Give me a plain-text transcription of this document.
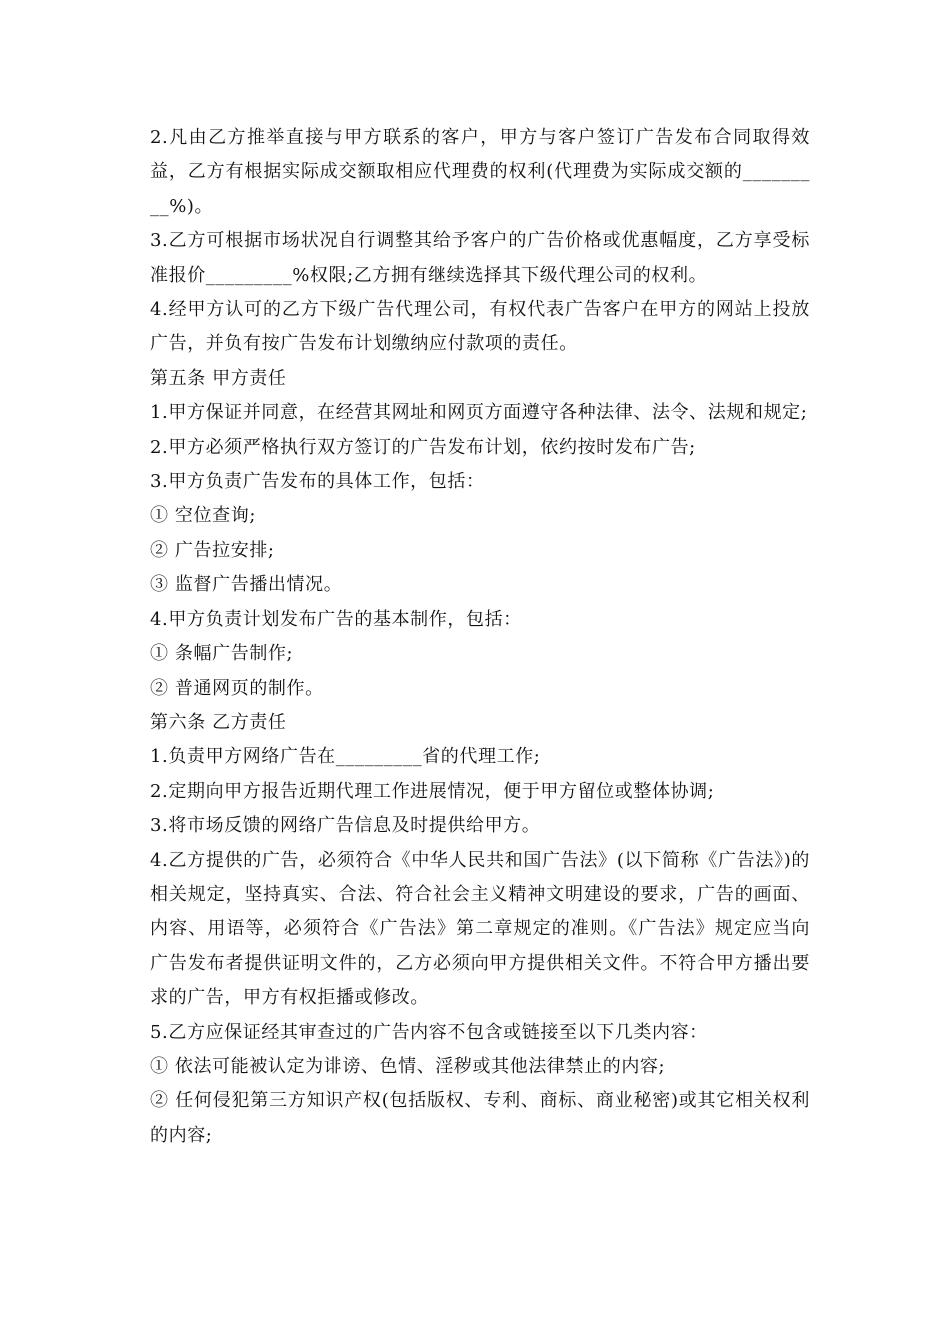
2.凡由乙方推举直接与甲方联系的客户，甲方与客户签订广告发布合同取得效益，乙方有根据实际成交额取相应代理费的权利(代理费为实际成交额的_________%)。

3.乙方可根据市场状况自行调整其给予客户的广告价格或优惠幅度，乙方享受标准报价_________%权限;乙方拥有继续选择其下级代理公司的权利。

4.经甲方认可的乙方下级广告代理公司，有权代表广告客户在甲方的网站上投放广告，并负有按广告发布计划缴纳应付款项的责任。

第五条 甲方责任

1.甲方保证并同意，在经营其网址和网页方面遵守各种法律、法令、法规和规定;

2.甲方必须严格执行双方签订的广告发布计划，依约按时发布广告;

3.甲方负责广告发布的具体工作，包括：

① 空位查询;

② 广告拉安排;

③ 监督广告播出情况。

4.甲方负责计划发布广告的基本制作，包括：

① 条幅广告制作;

② 普通网页的制作。

第六条 乙方责任

1.负责甲方网络广告在_________省的代理工作;

2.定期向甲方报告近期代理工作进展情况，便于甲方留位或整体协调;

3.将市场反馈的网络广告信息及时提供给甲方。

4.乙方提供的广告，必须符合《中华人民共和国广告法》(以下简称《广告法》)的相关规定，坚持真实、合法、符合社会主义精神文明建设的要求，广告的画面、内容、用语等，必须符合《广告法》第二章规定的准则。《广告法》规定应当向广告发布者提供证明文件的，乙方必须向甲方提供相关文件。不符合甲方播出要求的广告，甲方有权拒播或修改。

5.乙方应保证经其审查过的广告内容不包含或链接至以下几类内容：

① 依法可能被认定为诽谤、色情、淫秽或其他法律禁止的内容;

② 任何侵犯第三方知识产权(包括版权、专利、商标、商业秘密)或其它相关权利的内容;
